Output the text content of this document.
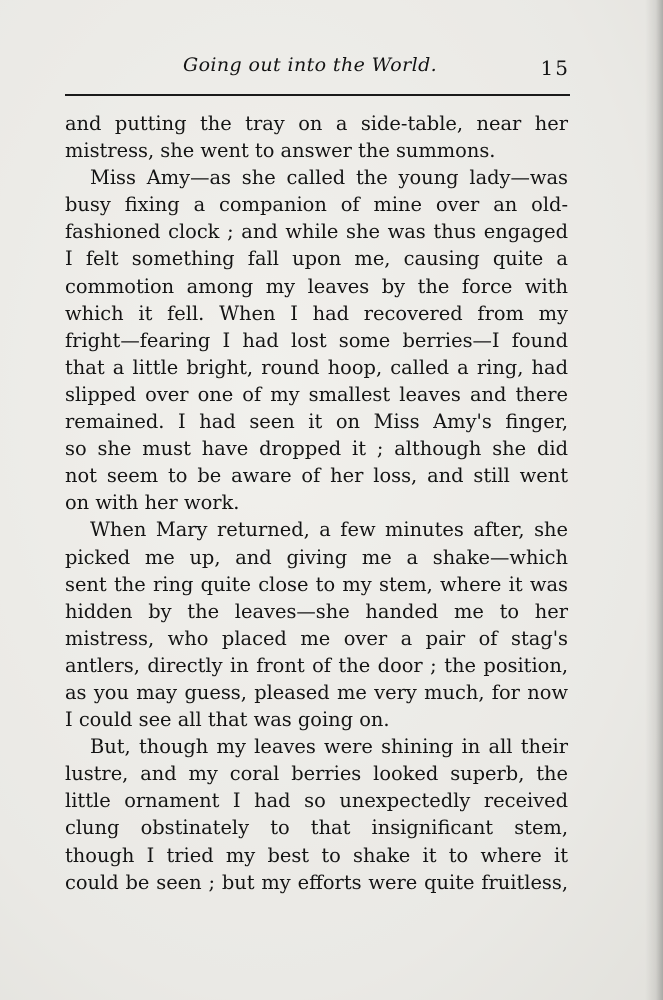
Going out into the World.	15
and putting the tray on a side-table, near her
mistress, she went to answer the summons.
Miss Amy—as she called the young lady—was
busy fixing a companion of mine over an old-
fashioned clock ; and while she was thus engaged
I felt something fall upon me, causing quite a
commotion among my leaves by the force with
which it fell. When I had recovered from my
fright—fearing I had lost some berries—I found
that a little bright, round hoop, called a ring, had
slipped over one of my smallest leaves and there
remained. I had seen it on Miss Amy's finger,
so she must have dropped it ; although she did
not seem to be aware of her loss, and still went
on with her work.
When Mary returned, a few minutes after, she
picked me up, and giving me a shake—which
sent the ring quite close to my stem, where it was
hidden by the leaves—she handed me to her
mistress, who placed me over a pair of stag's
antlers, directly in front of the door ; the position,
as you may guess, pleased me very much, for now
I could see all that was going on.
But, though my leaves were shining in all their
lustre, and my coral berries looked superb, the
little ornament I had so unexpectedly received
clung obstinately to that insignificant stem,
though I tried my best to shake it to where it
could be seen ; but my efforts were quite fruitless,
